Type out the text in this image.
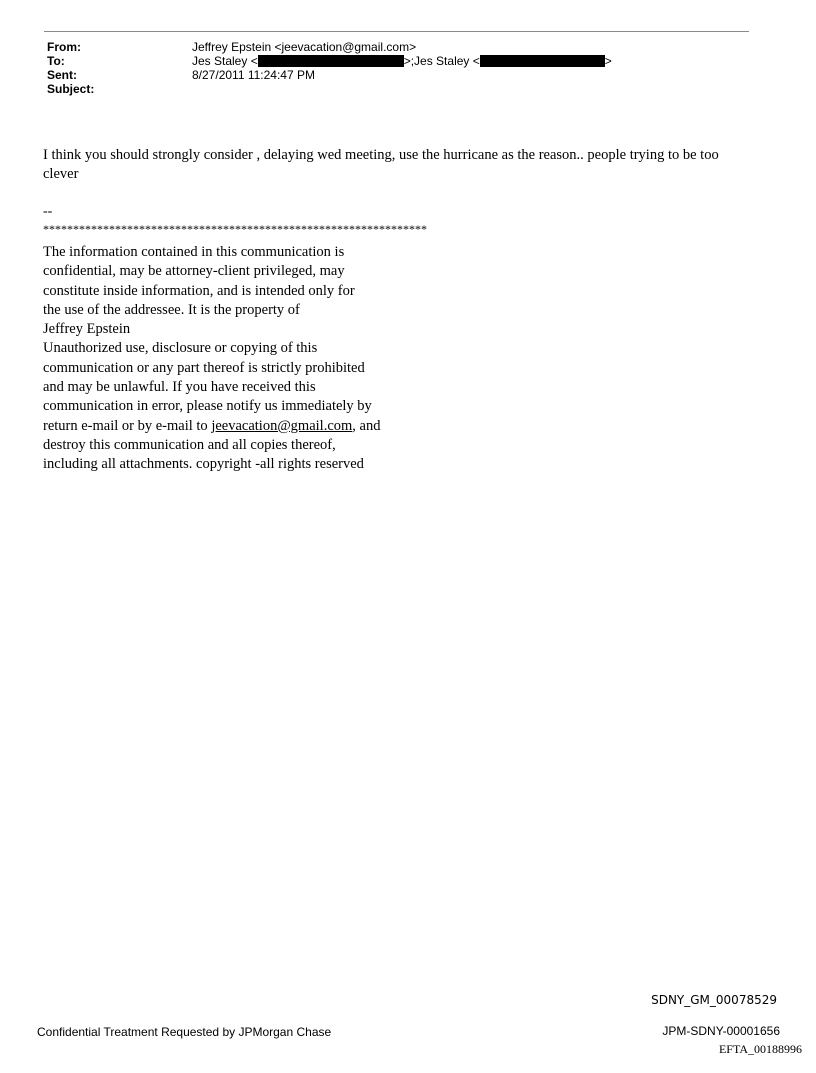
From:	Jeffrey Epstein <jeevacation@gmail.com>
To:	Jes Staley <	>;Jes Staley <	>
Sent:	8/27/2011 11:24:47 PM
Subject:
I think you should strongly consider , delaying wed meeting, use the hurricane as the reason.. people trying to be too clever
--
****************************************************************
The information contained in this communication is
confidential, may be attorney-client privileged, may
constitute inside information, and is intended only for
the use of the addressee. It is the property of
Jeffrey Epstein
Unauthorized use, disclosure or copying of this
communication or any part thereof is strictly prohibited
and may be unlawful. If you have received this
communication in error, please notify us immediately by
return e-mail or by e-mail to jeevacation@gmail.com, and
destroy this communication and all copies thereof,
including all attachments. copyright -all rights reserved
SDNY_GM_00078529
Confidential Treatment Requested by JPMorgan Chase	JPM-SDNY-00001656
EFTA_00188996
